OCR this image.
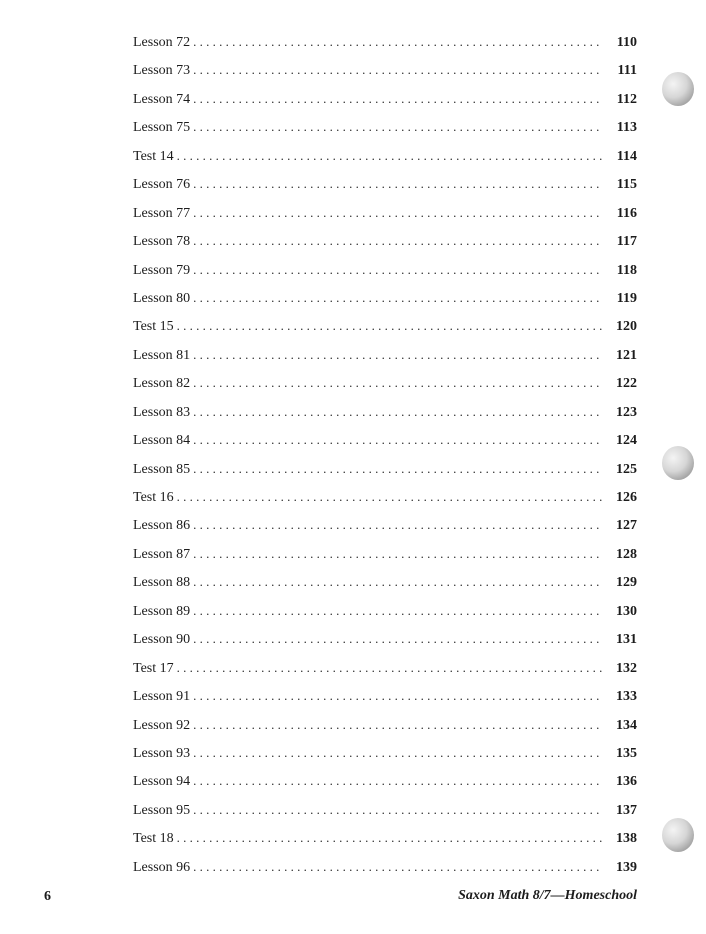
Lesson 72 . . .	110
Lesson 73 . . .	111
Lesson 74 . . .	112
Lesson 75 . . .	113
Test 14 . . .	114
Lesson 76 . . .	115
Lesson 77 . . .	116
Lesson 78 . . .	117
Lesson 79 . . .	118
Lesson 80 . . .	119
Test 15 . . .	120
Lesson 81 . . .	121
Lesson 82 . . .	122
Lesson 83 . . .	123
Lesson 84 . . .	124
Lesson 85 . . .	125
Test 16 . . .	126
Lesson 86 . . .	127
Lesson 87 . . .	128
Lesson 88 . . .	129
Lesson 89 . . .	130
Lesson 90 . . .	131
Test 17 . . .	132
Lesson 91 . . .	133
Lesson 92 . . .	134
Lesson 93 . . .	135
Lesson 94 . . .	136
Lesson 95 . . .	137
Test 18 . . .	138
Lesson 96 . . .	139
6	Saxon Math 8/7—Homeschool
